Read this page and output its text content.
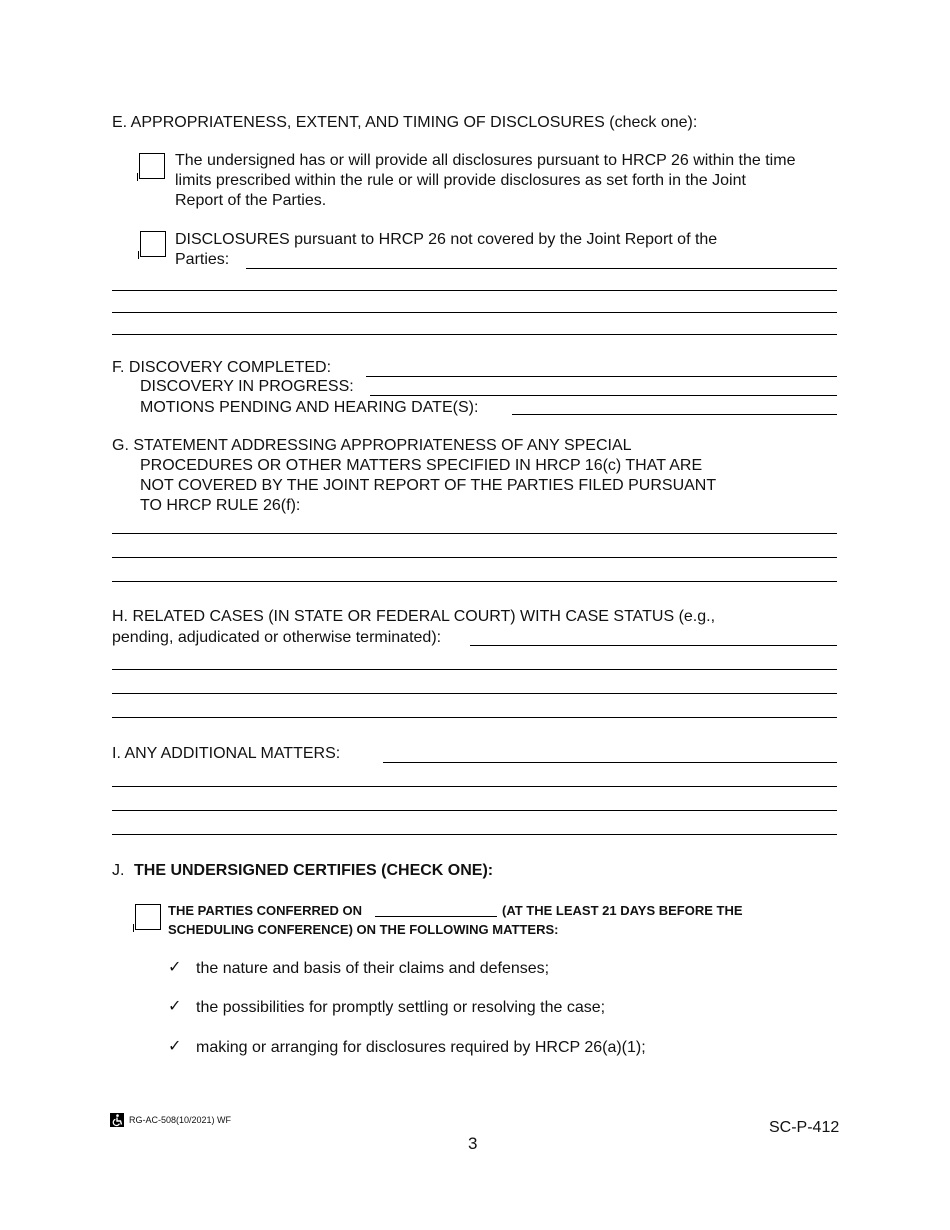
E. APPROPRIATENESS, EXTENT, AND TIMING OF DISCLOSURES (check one):
The undersigned has or will provide all disclosures pursuant to HRCP 26 within the time
limits prescribed within the rule or will provide disclosures as set forth in the Joint
Report of the Parties.
DISCLOSURES pursuant to HRCP 26 not covered by the Joint Report of the
Parties:
F. DISCOVERY COMPLETED:
DISCOVERY IN PROGRESS:
MOTIONS PENDING AND HEARING DATE(S):
G. STATEMENT ADDRESSING APPROPRIATENESS OF ANY SPECIAL
PROCEDURES OR OTHER MATTERS SPECIFIED IN HRCP 16(c) THAT ARE
NOT COVERED BY THE JOINT REPORT OF THE PARTIES FILED PURSUANT
TO HRCP RULE 26(f):
H. RELATED CASES (IN STATE OR FEDERAL COURT) WITH CASE STATUS (e.g.,
pending, adjudicated or otherwise terminated):
I. ANY ADDITIONAL MATTERS:
J. THE UNDERSIGNED CERTIFIES (CHECK ONE):
THE PARTIES CONFERRED ON	(AT THE LEAST 21 DAYS BEFORE THE
SCHEDULING CONFERENCE) ON THE FOLLOWING MATTERS:
✓ the nature and basis of their claims and defenses;
✓ the possibilities for promptly settling or resolving the case;
✓ making or arranging for disclosures required by HRCP 26(a)(1);
RG-AC-508(10/2021) WF	SC-P-412
3
